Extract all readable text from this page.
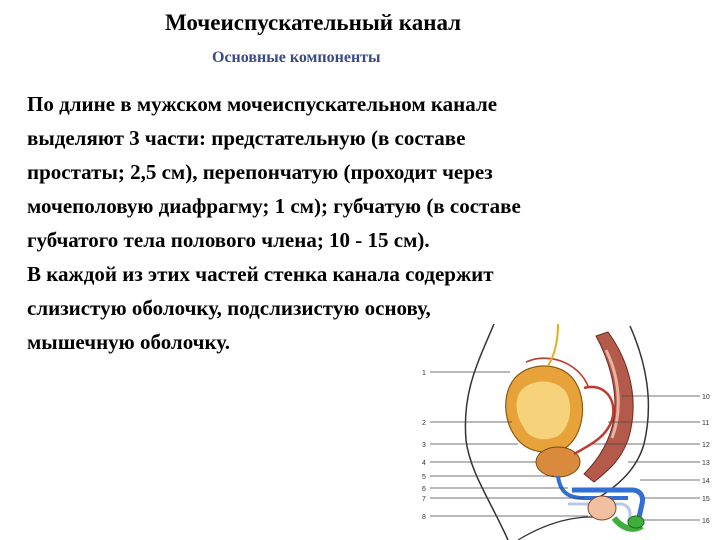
Мочеиспускательный канал
Основные компоненты
По длине в мужском мочеиспускательном канале
выделяют 3 части: предстательную (в составе
простаты; 2,5 см), перепончатую (проходит через
мочеполовую диафрагму; 1 см); губчатую (в составе
губчатого тела полового члена; 10 - 15 см).
В каждой из этих частей стенка канала содержит
слизистую оболочку, подслизистую основу,
мышечную оболочку.
1
2
3
4
5
6
7
8
10
11
12
13
14
15
16
